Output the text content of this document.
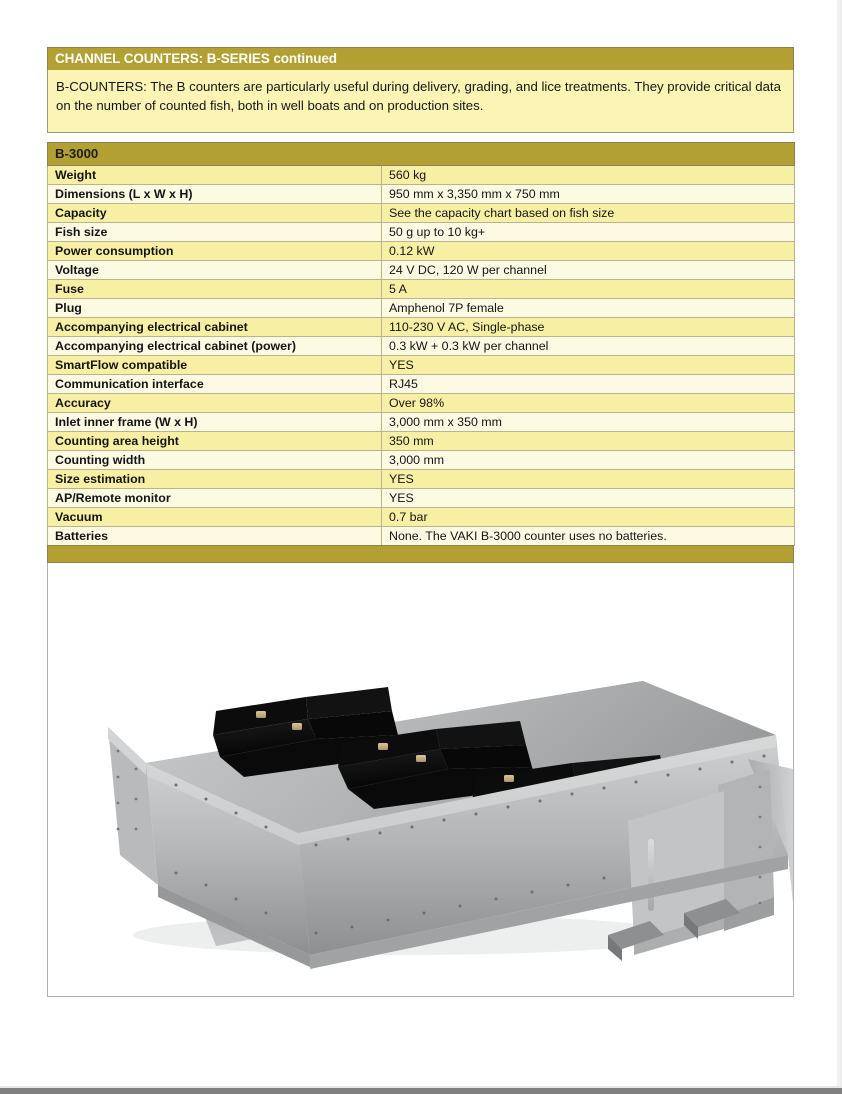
CHANNEL COUNTERS: B-SERIES continued
B-COUNTERS: The B counters are particularly useful during delivery, grading, and lice treatments. They provide critical data on the number of counted fish, both in well boats and on production sites.
B-3000	
Weight	560 kg
Dimensions (L x W x H)	950 mm x 3,350 mm x 750 mm
Capacity	See the capacity chart based on fish size
Fish size	50 g up to 10 kg+
Power consumption	0.12 kW
Voltage	24 V DC, 120 W per channel
Fuse	5 A
Plug	Amphenol 7P female
Accompanying electrical cabinet	110-230 V AC, Single-phase
Accompanying electrical cabinet (power)	0.3 kW + 0.3 kW per channel
SmartFlow compatible	YES
Communication interface	RJ45
Accuracy	Over 98%
Inlet inner frame (W x H)	3,000 mm x 350 mm
Counting area height	350 mm
Counting width	3,000 mm
Size estimation	YES
AP/Remote monitor	YES
Vacuum	0.7 bar
Batteries	None. The VAKI B-3000 counter uses no batteries.
